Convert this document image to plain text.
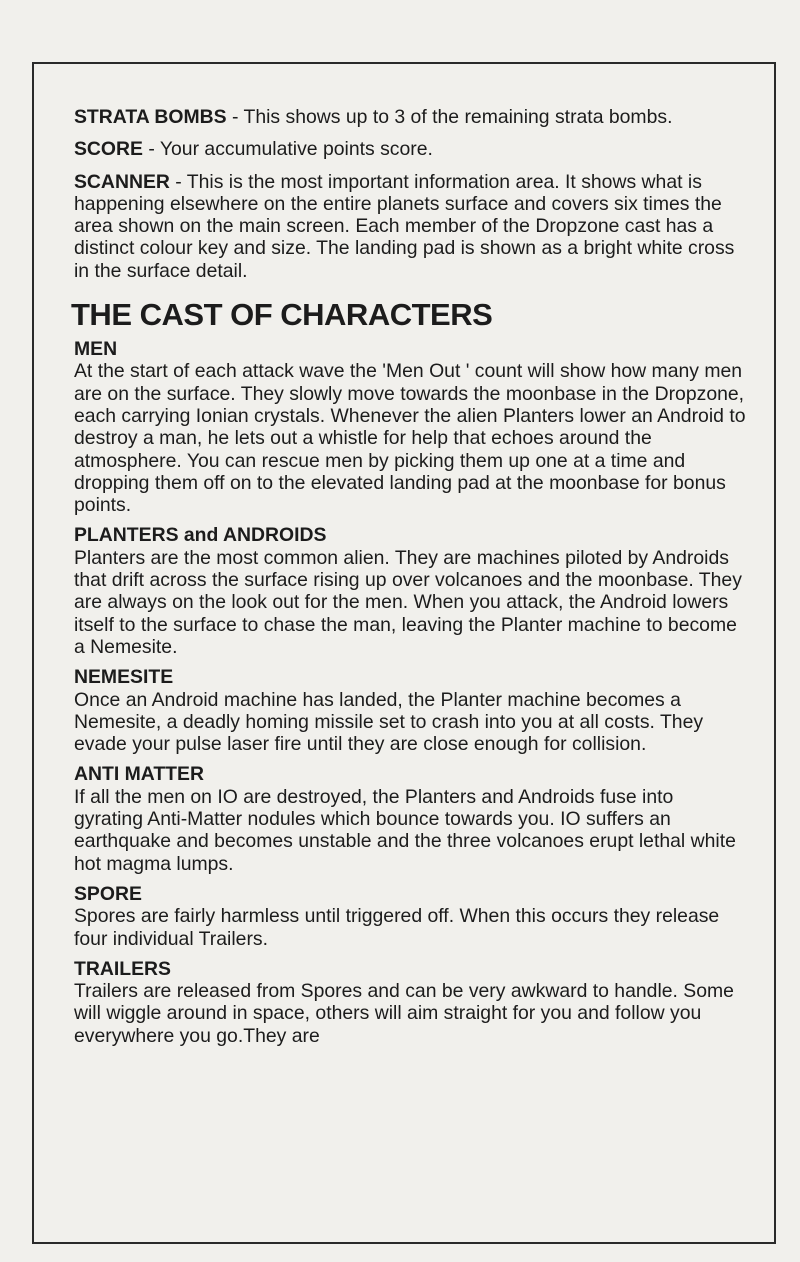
STRATA BOMBS - This shows up to 3 of the remaining strata bombs.

SCORE - Your accumulative points score.

SCANNER - This is the most important information area. It shows what is happening elsewhere on the entire planets surface and covers six times the area shown on the main screen. Each member of the Dropzone cast has a distinct colour key and size. The landing pad is shown as a bright white cross in the surface detail.

THE CAST OF CHARACTERS
MEN

At the start of each attack wave the 'Men Out ' count will show how many men are on the surface. They slowly move towards the moonbase in the Dropzone, each carrying Ionian crystals. Whenever the alien Planters lower an Android to destroy a man, he lets out a whistle for help that echoes around the atmosphere. You can rescue men by picking them up one at a time and dropping them off on to the elevated landing pad at the moonbase for bonus points.

PLANTERS and ANDROIDS

Planters are the most common alien. They are machines piloted by Androids that drift across the surface rising up over volcanoes and the moonbase. They are always on the look out for the men. When you attack, the Android lowers itself to the surface to chase the man, leaving the Planter machine to become a Nemesite.

NEMESITE

Once an Android machine has landed, the Planter machine becomes a Nemesite, a deadly homing missile set to crash into you at all costs. They evade your pulse laser fire until they are close enough for collision.

ANTI MATTER

If all the men on IO are destroyed, the Planters and Androids fuse into gyrating Anti-Matter nodules which bounce towards you. IO suffers an earthquake and becomes unstable and the three volcanoes erupt lethal white hot magma lumps.

SPORE

Spores are fairly harmless until triggered off. When this occurs they release four individual Trailers.

TRAILERS

Trailers are released from Spores and can be very awkward to handle. Some will wiggle around in space, others will aim straight for you and follow you everywhere you go.They are
